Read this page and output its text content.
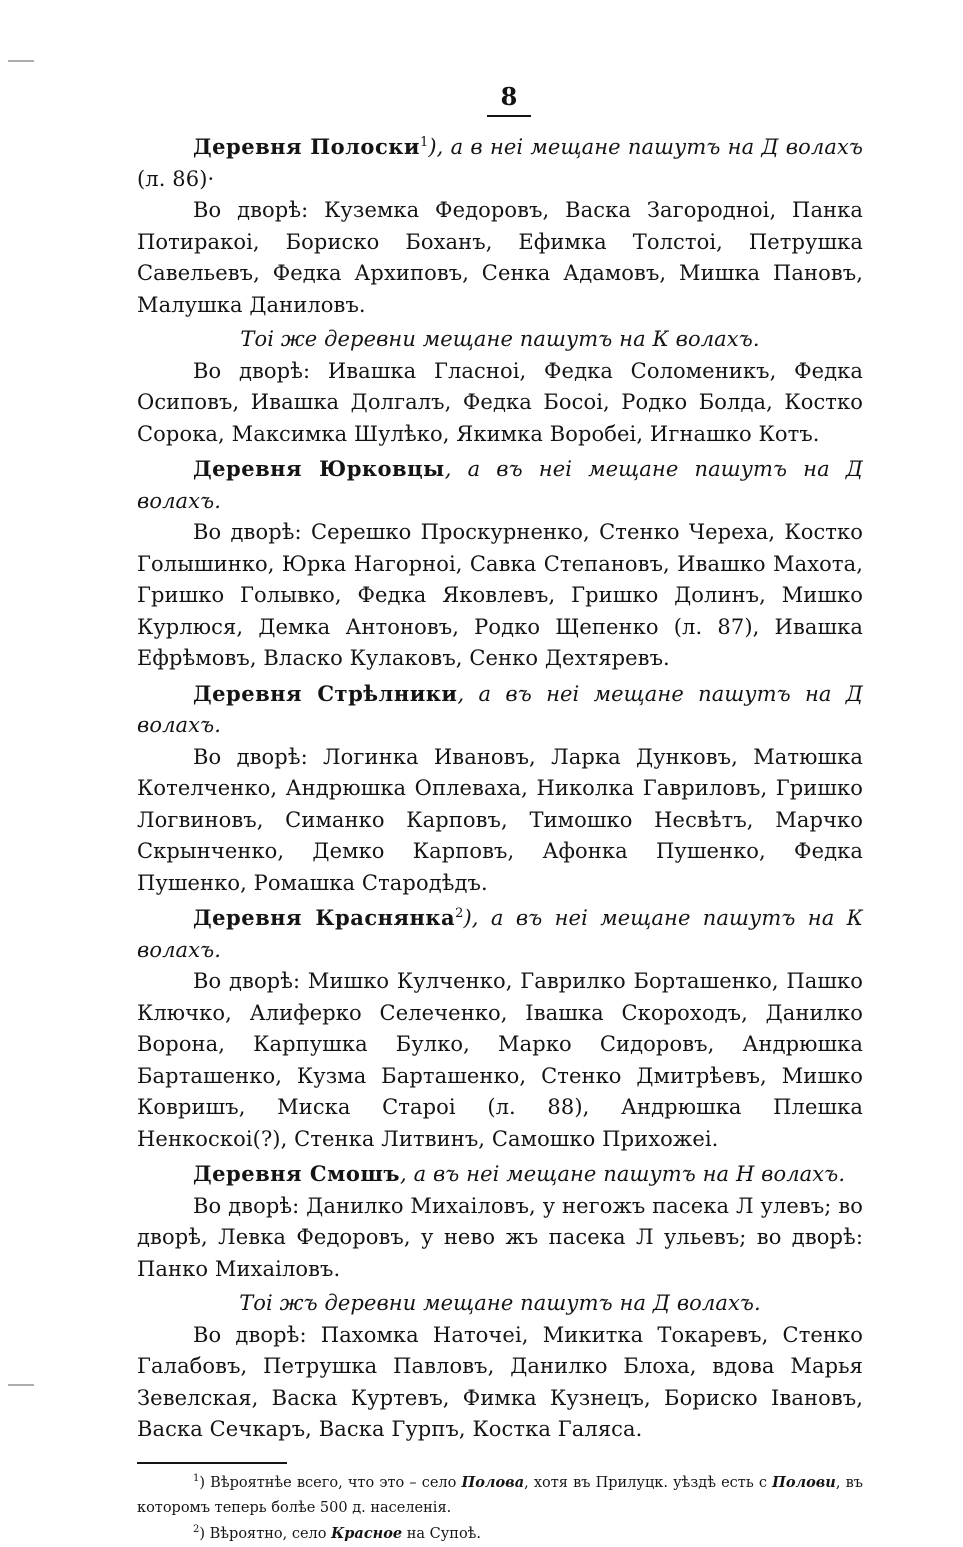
8

Деревня Полоски$^1$), а в неі мещане пашутъ на Д волахъ (л. 86)·

Во дворѣ: Куземка Федоровъ, Васка Загородноі, Панка Потиракоі, Бориско Боханъ, Ефимка Толстоі, Петрушка Савельевъ, Федка Архиповъ, Сенка Адамовъ, Мишка Пановъ, Малушка Даниловъ.

Тоі же деревни мещане пашутъ на К волахъ.

Во дворѣ: Ивашка Гласноі, Федка Соломеникъ, Федка Осиповъ, Ивашка Долгалъ, Федка Босоі, Родко Болда, Костко Сорока, Максимка Шулѣко, Якимка Воробеі, Игнашко Котъ.

Деревня Юрковцы, а въ неі мещане пашутъ на Д волахъ.

Во дворѣ: Серешко Проскурненко, Стенко Череха, Костко Голышинко, Юрка Нагорноі, Савка Степановъ, Ивашко Махота, Гришко Голывко, Федка Яковлевъ, Гришко Долинъ, Мишко Курлюся, Демка Антоновъ, Родко Щепенко (л. 87), Ивашка Ефрѣмовъ, Власко Кулаковъ, Сенко Дехтяревъ.

Деревня Стрѣлники, а въ неі мещане пашутъ на Д волахъ.

Во дворѣ: Логинка Ивановъ, Ларка Дунковъ, Матюшка Котелченко, Андрюшка Оплеваха, Николка Гавриловъ, Гришко Логвиновъ, Симанко Карповъ, Тимошко Несвѣтъ, Марчко Скрынченко, Демко Карповъ, Афонка Пушенко, Федка Пушенко, Ромашка Стародѣдъ.

Деревня Краснянка$^2$), а въ неі мещане пашутъ на К волахъ.

Во дворѣ: Мишко Кулченко, Гаврилко Борташенко, Пашко Ключко, Алиферко Селеченко, Івашка Скороходъ, Данилко Ворона, Карпушка Булко, Марко Сидоровъ, Андрюшка Барташенко, Кузма Барташенко, Стенко Дмитрѣевъ, Мишко Ковришъ, Миска Староі (л. 88), Андрюшка Плешка Ненкоскоі(?), Стенка Литвинъ, Самошко Прихожеі.

Деревня Смошъ, а въ неі мещане пашутъ на Н волахъ.

Во дворѣ: Данилко Михаіловъ, у негожъ пасека Л улевъ; во дворѣ, Левка Федоровъ, у нево жъ пасека Л ульевъ; во дворѣ: Панко Михаіловъ.

Тоі жъ деревни мещане пашутъ на Д волахъ.

Во дворѣ: Пахомка Наточеі, Микитка Токаревъ, Стенко Галабовъ, Петрушка Павловъ, Данилко Блоха, вдова Марья Зевелская, Васка Куртевъ, Фимка Кузнецъ, Бориско Івановъ, Васка Сечкаръ, Васка Гурпъ, Костка Галяса.

$^1$) Вѣроятнѣе всего, что это – село Полова, хотя въ Прилуцк. уѣздѣ есть с Полови, въ которомъ теперь болѣе 500 д. населенія.

$^2$) Вѣроятно, село Красное на Супоѣ.
